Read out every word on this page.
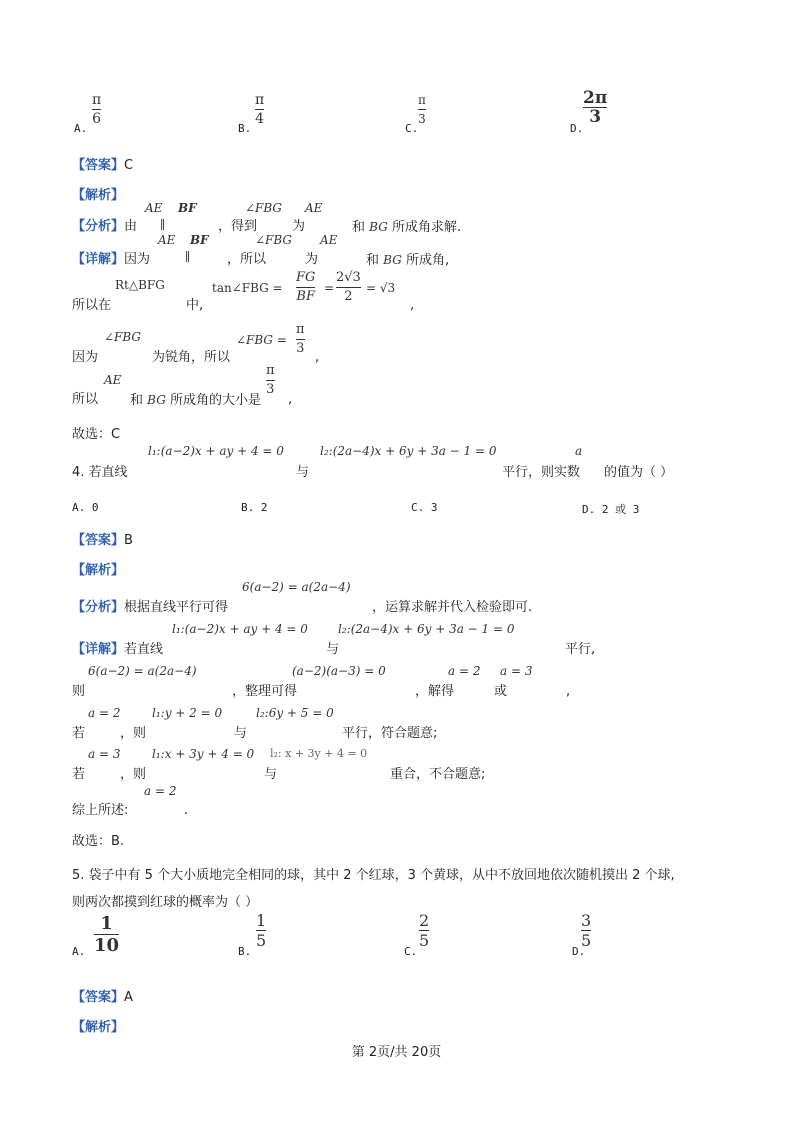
π
6
A.
π
4
B.
π
3
C.
2π
3
D.
【答案】C
【解析】
【分析】由
AE
∥
BF
，得到
∠FBG
为
AE
和 BG 所成角求解.
【详解】因为
AE
∥
BF
，所以
∠FBG
为
AE
和 BG 所成角,
Rt△BFG
所以在	中,
tan∠FBG =
FG
BF
=
2√3
2
= √3
,
∠FBG
因为	为锐角，所以
∠FBG =
π
3
,
AE
所以 和 BG 所成角的大小是
π
3
,
故选：C
l₁:(a−2)x + ay + 4 = 0	l₂:(2a−4)x + 6y + 3a − 1 = 0	a
4. 若直线	与	平行，则实数 的值为（ ）
A. 0	B. 2	C. 3	D. 2 或 3
【答案】B
【解析】
6(a−2) = a(2a−4)
【分析】根据直线平行可得	，运算求解并代入检验即可.
l₁:(a−2)x + ay + 4 = 0	l₂:(2a−4)x + 6y + 3a − 1 = 0
【详解】若直线	与	平行,
6(a−2) = a(2a−4)	(a−2)(a−3) = 0	a = 2 a = 3
则	，整理可得	，解得	或	,
a = 2	l₁:y + 2 = 0	l₂:6y + 5 = 0
若	，则	与	平行，符合题意;
a = 3	l₁:x + 3y + 4 = 0 l₂: x + 3y + 4 = 0
若	，则	与	重合，不合题意;
a = 2
综上所述:	.
故选：B.
5. 袋子中有 5 个大小质地完全相同的球，其中 2 个红球，3 个黄球，从中不放回地依次随机摸出 2 个球,
则两次都摸到红球的概率为（ ）
1
10
A.
1
5
B.
2
5
C.
3
5
D.
【答案】A
【解析】
第 2页/共 20页
